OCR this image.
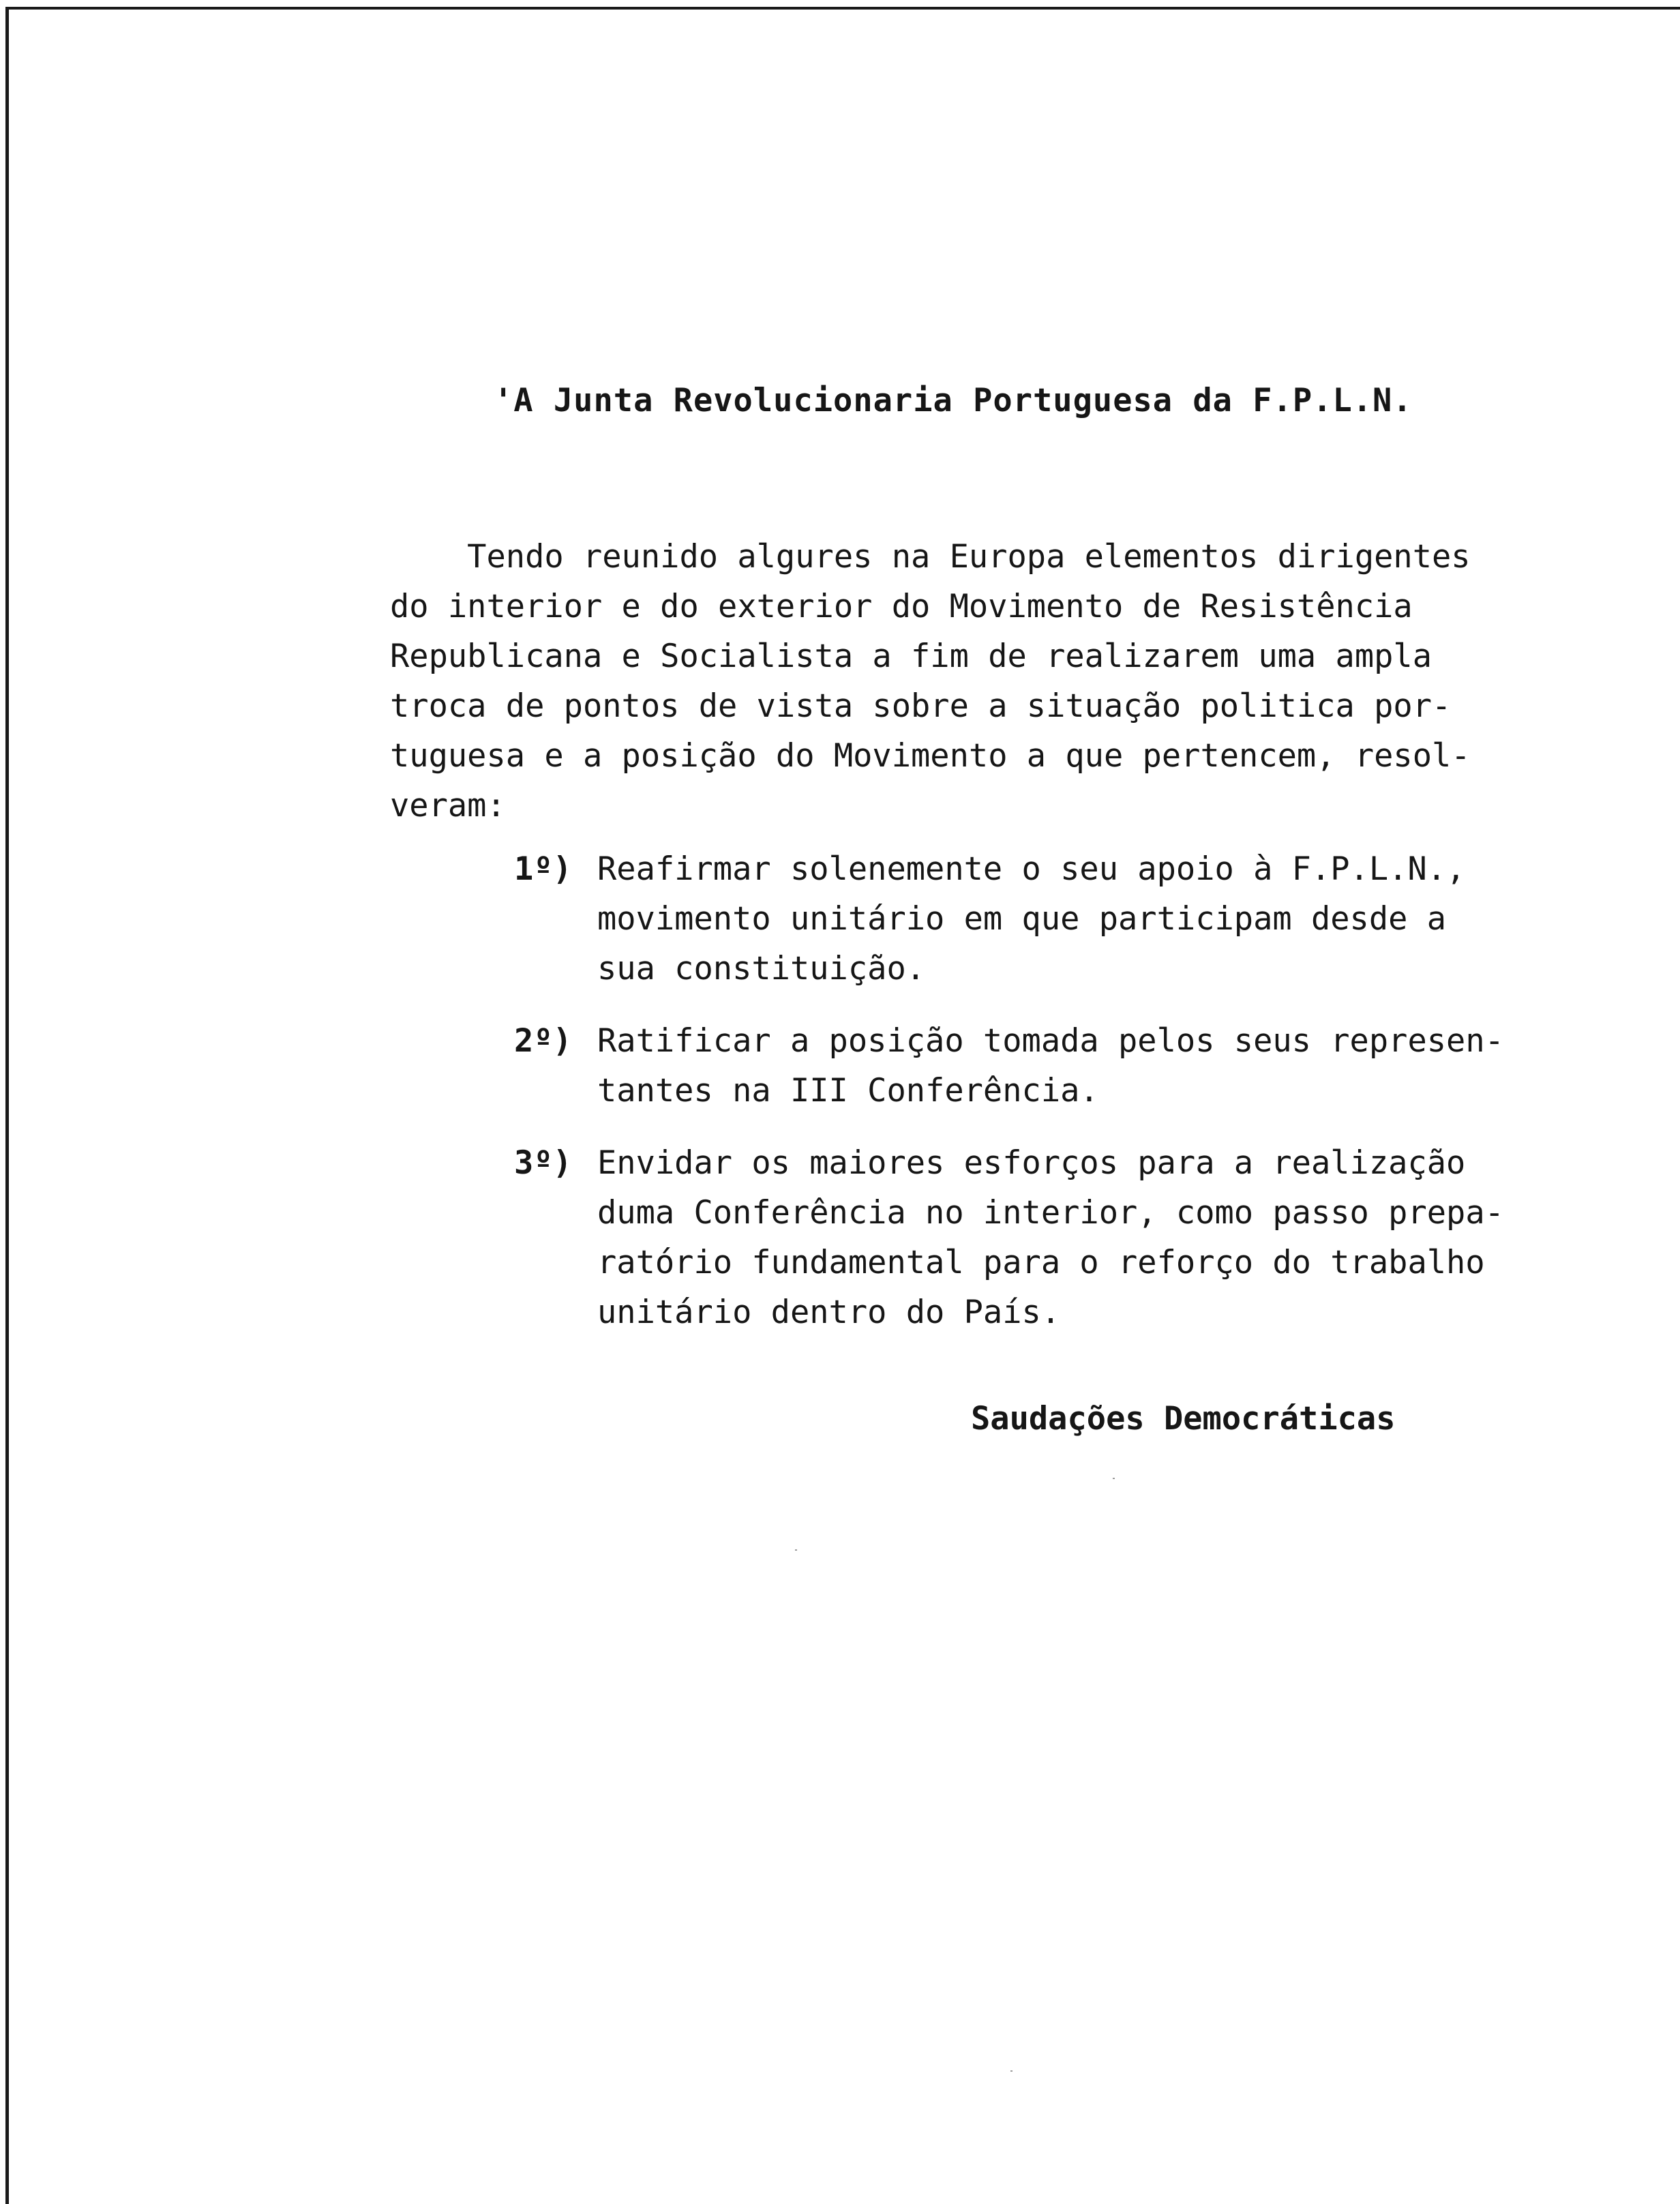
'A Junta Revolucionaria Portuguesa da F.P.L.N.

Tendo reunido algures na Europa elementos dirigentes
do interior e do exterior do Movimento de Resistência
Republicana e Socialista a fim de realizarem uma ampla
troca de pontos de vista sobre a situação politica por-
tuguesa e a posição do Movimento a que pertencem, resol-
veram:

1º) Reafirmar solenemente o seu apoio à F.P.L.N.,
movimento unitário em que participam desde a
sua constituição.

2º) Ratificar a posição tomada pelos seus represen-
tantes na III Conferência.

3º) Envidar os maiores esforços para a realização
duma Conferência no interior, como passo prepa-
ratório fundamental para o reforço do trabalho
unitário dentro do País.

Saudações Democráticas
